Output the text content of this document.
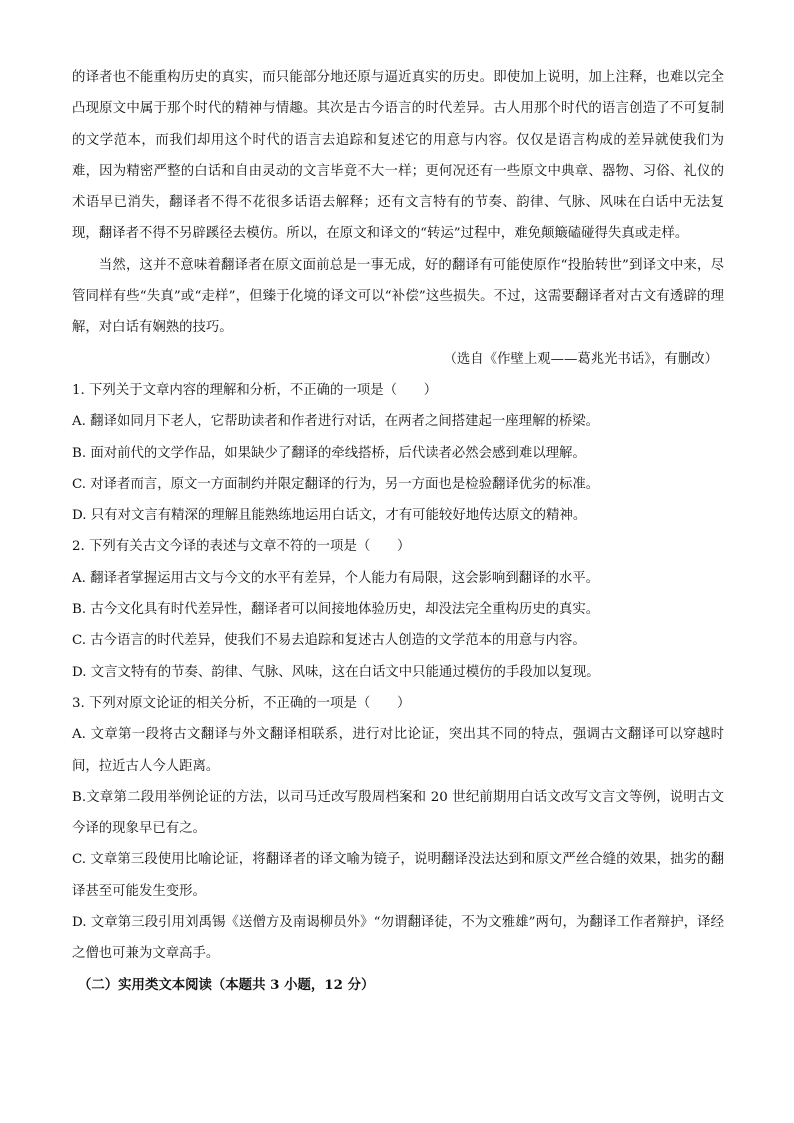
的译者也不能重构历史的真实，而只能部分地还原与逼近真实的历史。即使加上说明，加上注释，也难以完全凸现原文中属于那个时代的精神与情趣。其次是古今语言的时代差异。古人用那个时代的语言创造了不可复制的文学范本，而我们却用这个时代的语言去追踪和复述它的用意与内容。仅仅是语言构成的差异就使我们为难，因为精密严整的白话和自由灵动的文言毕竟不大一样；更何况还有一些原文中典章、器物、习俗、礼仪的术语早已消失，翻译者不得不花很多话语去解释；还有文言特有的节奏、韵律、气脉、风味在白话中无法复现，翻译者不得不另辟蹊径去模仿。所以，在原文和译文的“转运”过程中，难免颠簸磕碰得失真或走样。

当然，这并不意味着翻译者在原文面前总是一事无成，好的翻译有可能使原作“投胎转世”到译文中来，尽管同样有些“失真”或“走样”，但臻于化境的译文可以“补偿”这些损失。不过，这需要翻译者对古文有透辟的理解，对白话有娴熟的技巧。

（选自《作壁上观——葛兆光书话》，有删改）

1. 下列关于文章内容的理解和分析，不正确的一项是（　　）

A. 翻译如同月下老人，它帮助读者和作者进行对话，在两者之间搭建起一座理解的桥梁。

B. 面对前代的文学作品，如果缺少了翻译的牵线搭桥，后代读者必然会感到难以理解。

C. 对译者而言，原文一方面制约并限定翻译的行为，另一方面也是检验翻译优劣的标准。

D. 只有对文言有精深的理解且能熟练地运用白话文，才有可能较好地传达原文的精神。

2. 下列有关古文今译的表述与文章不符的一项是（　　）

A. 翻译者掌握运用古文与今文的水平有差异，个人能力有局限，这会影响到翻译的水平。

B. 古今文化具有时代差异性，翻译者可以间接地体验历史，却没法完全重构历史的真实。

C. 古今语言的时代差异，使我们不易去追踪和复述古人创造的文学范本的用意与内容。

D. 文言文特有的节奏、韵律、气脉、风味，这在白话文中只能通过模仿的手段加以复现。

3. 下列对原文论证的相关分析，不正确的一项是（　　）

A. 文章第一段将古文翻译与外文翻译相联系，进行对比论证，突出其不同的特点，强调古文翻译可以穿越时间，拉近古人今人距离。

B.文章第二段用举例论证的方法，以司马迁改写殷周档案和 20 世纪前期用白话文改写文言文等例，说明古文今译的现象早已有之。

C. 文章第三段使用比喻论证，将翻译者的译文喻为镜子，说明翻译没法达到和原文严丝合缝的效果，拙劣的翻译甚至可能发生变形。

D. 文章第三段引用刘禹锡《送僧方及南谒柳员外》“勿谓翻译徒，不为文雅雄”两句，为翻译工作者辩护，译经之僧也可兼为文章高手。

（二）实用类文本阅读（本题共 3 小题，12 分）
